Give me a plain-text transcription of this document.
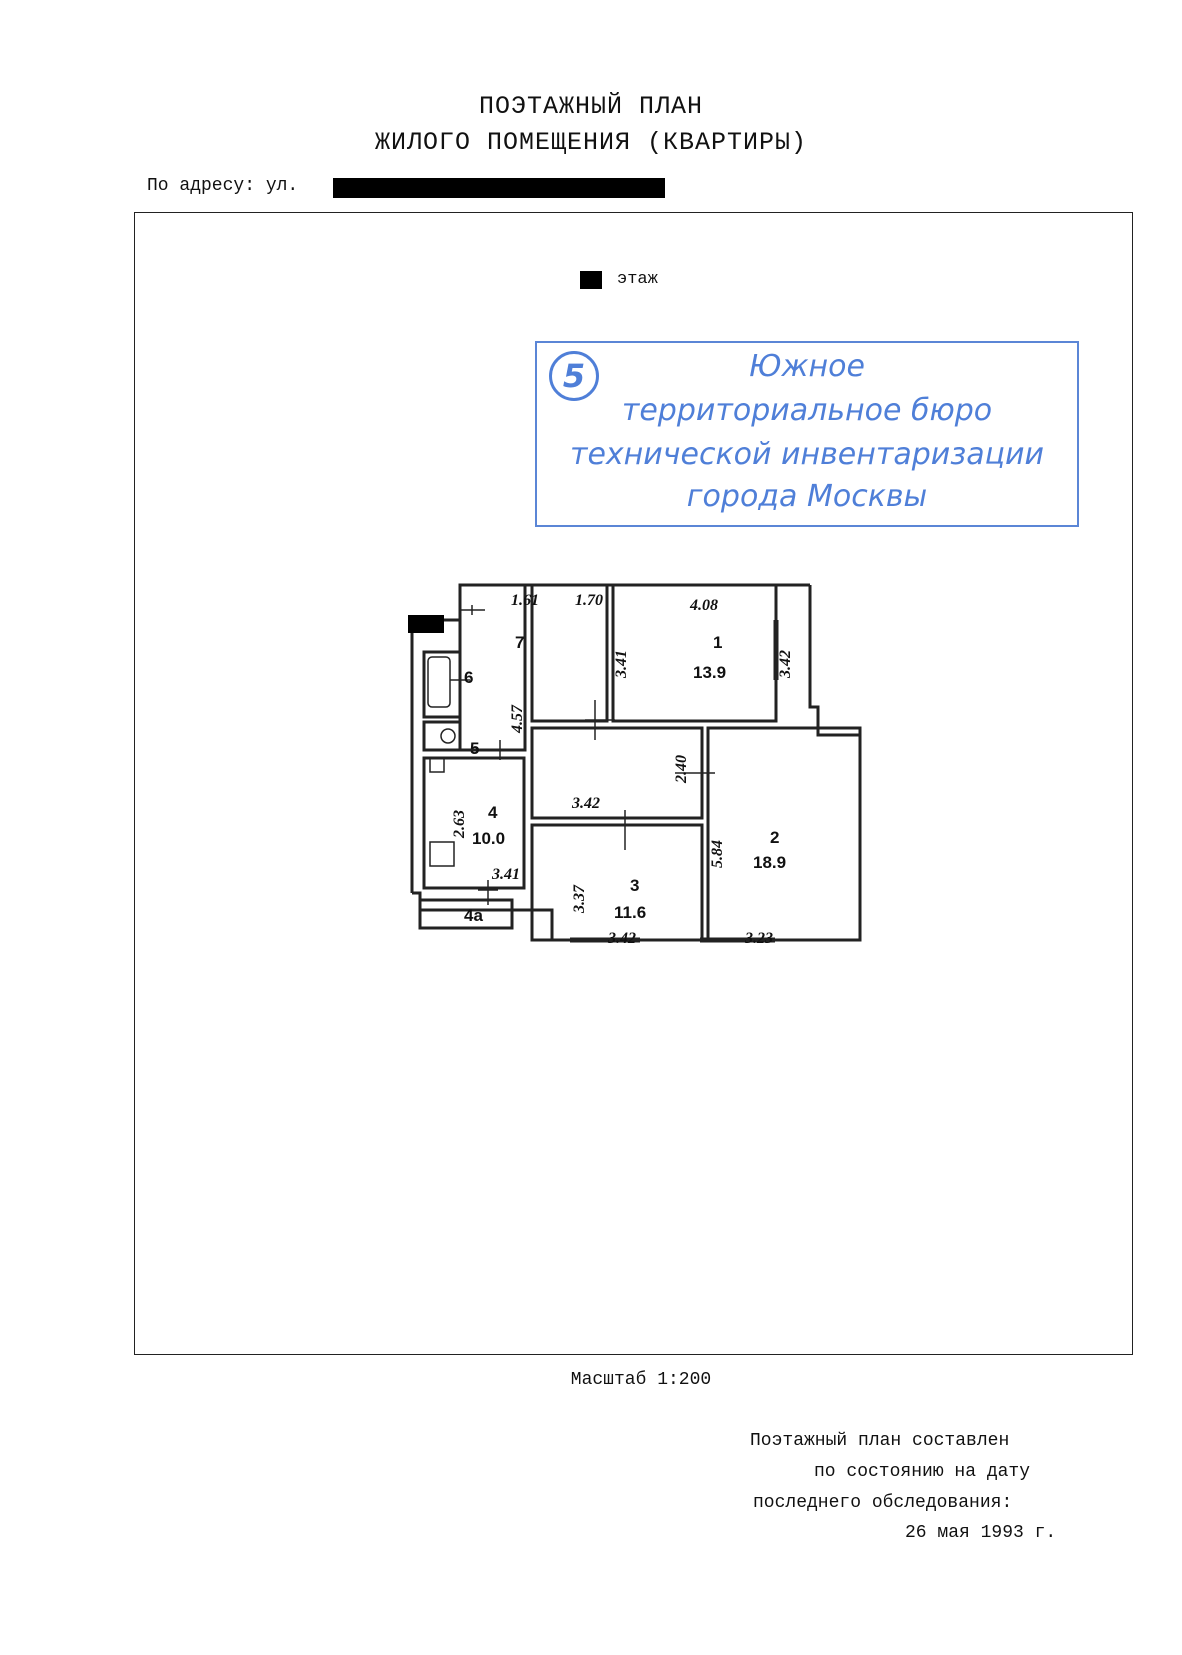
ПОЭТАЖНЫЙ ПЛАН
ЖИЛОГО ПОМЕЩЕНИЯ (КВАРТИРЫ)
По адресу: ул.
этаж
5	Южное
территориальное бюро
технической инвентаризации
города Москвы
7
6
5
1
13.9
2
18.9
3
11.6
4
10.0
4а
1.61 1.70	4.08
3.41	3.42
4.57
2.40
3.42
2.63
5.84
3.41
3.37
3.42	3.23
Масштаб 1:200
Поэтажный план составлен
по состоянию на дату
последнего обследования:
26 мая 1993 г.
